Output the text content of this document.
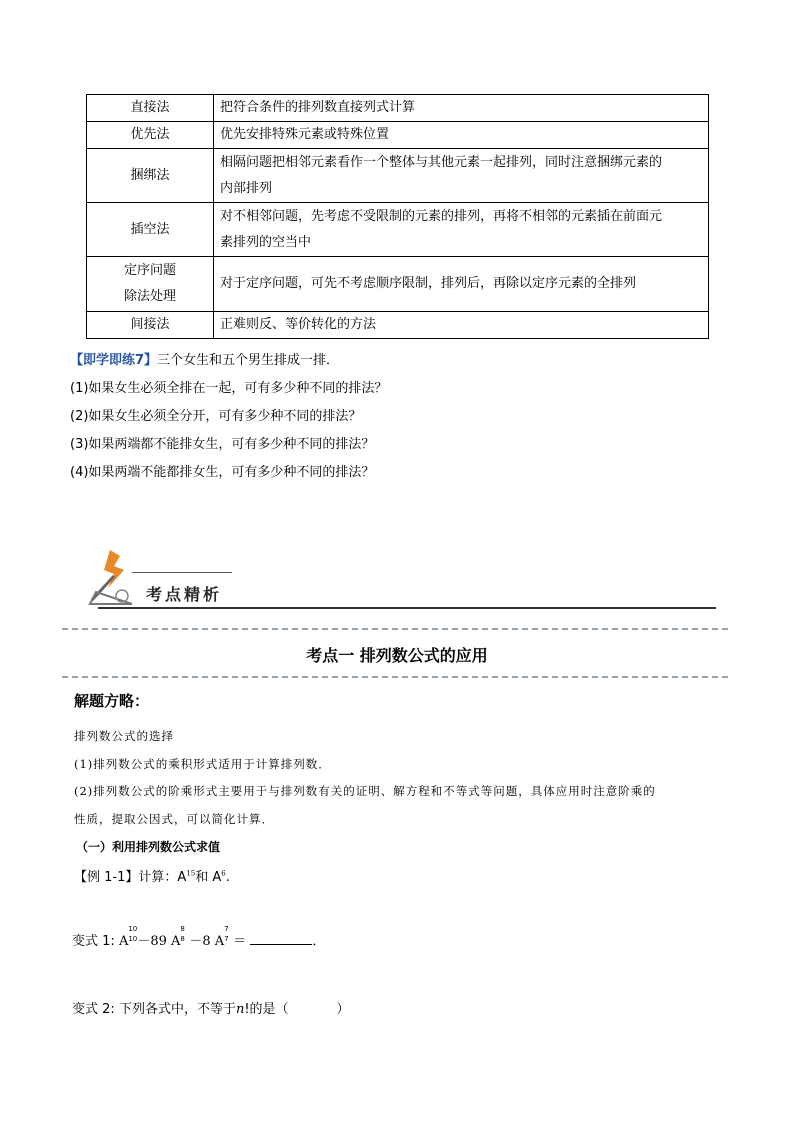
直接法	把符合条件的排列数直接列式计算
优先法	优先安排特殊元素或特殊位置
捆绑法	相隔问题把相邻元素看作一个整体与其他元素一起排列，同时注意捆绑元素的
内部排列

插空法	对不相邻问题，先考虑不受限制的元素的排列，再将不相邻的元素插在前面元
素排列的空当中

定序问题
除法处理	对于定序问题，可先不考虑顺序限制，排列后，再除以定序元素的全排列
间接法	正难则反、等价转化的方法
【即学即练7】三个女生和五个男生排成一排．
(1)如果女生必须全排在一起，可有多少种不同的排法？
(2)如果女生必须全分开，可有多少种不同的排法？
(3)如果两端都不能排女生，可有多少种不同的排法？
(4)如果两端不能都排女生，可有多少种不同的排法？
考点精析
考点一 排列数公式的应用
解题方略：
排列数公式的选择
(1)排列数公式的乘积形式适用于计算排列数．
(2)排列数公式的阶乘形式主要用于与排列数有关的证明、解方程和不等式等问题，具体应用时注意阶乘的
性质，提取公因式，可以简化计算．
（一）利用排列数公式求值
【例 1-1】计算：$A^{15}$和 $A^6$.
变式 1: A
10
10 －89 A
8
8 －8 A
7
7 ＝	．
变式 2: 下列各式中，不等于n!的是（	）
